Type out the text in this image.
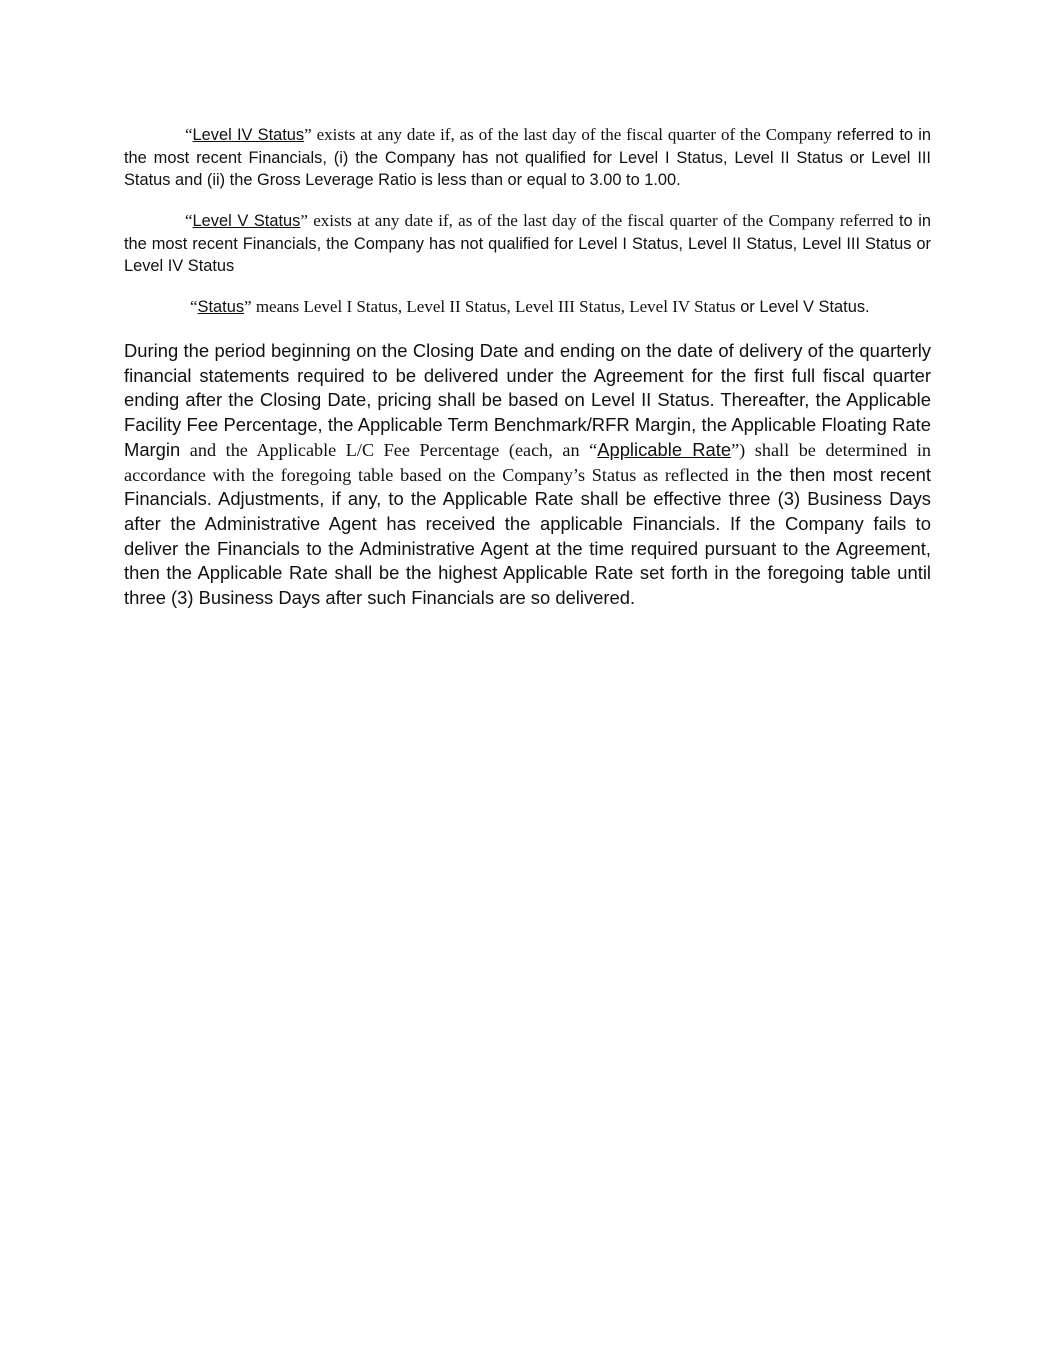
“Level IV Status” exists at any date if, as of the last day of the fiscal quarter of the Company referred to in the most recent Financials, (i) the Company has not qualified for Level I Status, Level II Status or Level III Status and (ii) the Gross Leverage Ratio is less than or equal to 3.00 to 1.00.

“Level V Status” exists at any date if, as of the last day of the fiscal quarter of the Company referred to in the most recent Financials, the Company has not qualified for Level I Status, Level II Status, Level III Status or Level IV Status

“Status” means Level I Status, Level II Status, Level III Status, Level IV Status or Level V Status.

During the period beginning on the Closing Date and ending on the date of delivery of the quarterly financial statements required to be delivered under the Agreement for the first full fiscal quarter ending after the Closing Date, pricing shall be based on Level II Status. Thereafter, the Applicable Facility Fee Percentage, the Applicable Term Benchmark/RFR Margin, the Applicable Floating Rate Margin and the Applicable L/C Fee Percentage (each, an “Applicable Rate”) shall be determined in accordance with the foregoing table based on the Company’s Status as reflected in the then most recent Financials. Adjustments, if any, to the Applicable Rate shall be effective three (3) Business Days after the Administrative Agent has received the applicable Financials. If the Company fails to deliver the Financials to the Administrative Agent at the time required pursuant to the Agreement, then the Applicable Rate shall be the highest Applicable Rate set forth in the foregoing table until three (3) Business Days after such Financials are so delivered.
